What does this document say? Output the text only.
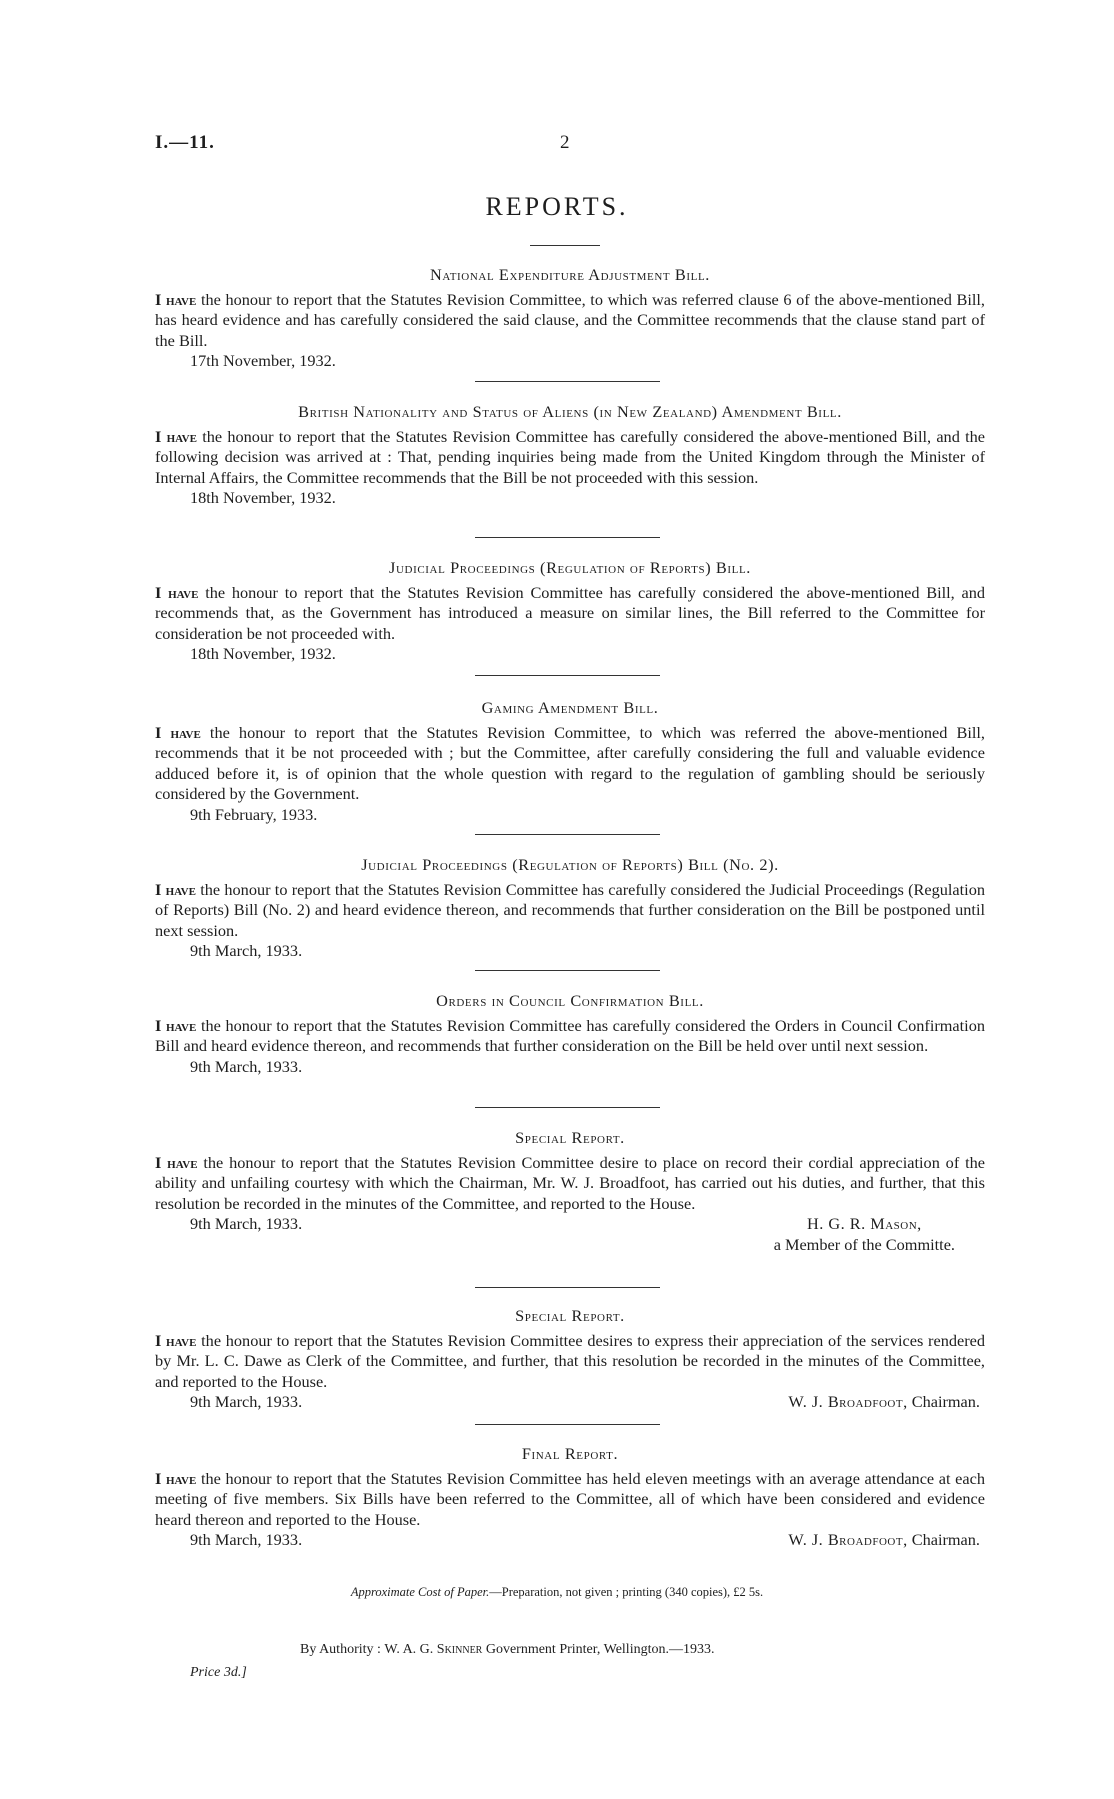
I.—11.	2
REPORTS.
National Expenditure Adjustment Bill.
I have the honour to report that the Statutes Revision Committee, to which was referred clause 6 of the above-mentioned Bill, has heard evidence and has carefully considered the said clause, and the Committee recommends that the clause stand part of the Bill.
17th November, 1932.
British Nationality and Status of Aliens (in New Zealand) Amendment Bill.
I have the honour to report that the Statutes Revision Committee has carefully considered the above-mentioned Bill, and the following decision was arrived at : That, pending inquiries being made from the United Kingdom through the Minister of Internal Affairs, the Committee recommends that the Bill be not proceeded with this session.
18th November, 1932.
Judicial Proceedings (Regulation of Reports) Bill.
I have the honour to report that the Statutes Revision Committee has carefully considered the above-mentioned Bill, and recommends that, as the Government has introduced a measure on similar lines, the Bill referred to the Committee for consideration be not proceeded with.
18th November, 1932.
Gaming Amendment Bill.
I have the honour to report that the Statutes Revision Committee, to which was referred the above-mentioned Bill, recommends that it be not proceeded with ; but the Committee, after carefully considering the full and valuable evidence adduced before it, is of opinion that the whole question with regard to the regulation of gambling should be seriously considered by the Government.
9th February, 1933.
Judicial Proceedings (Regulation of Reports) Bill (No. 2).
I have the honour to report that the Statutes Revision Committee has carefully considered the Judicial Proceedings (Regulation of Reports) Bill (No. 2) and heard evidence thereon, and recommends that further consideration on the Bill be postponed until next session.
9th March, 1933.
Orders in Council Confirmation Bill.
I have the honour to report that the Statutes Revision Committee has carefully considered the Orders in Council Confirmation Bill and heard evidence thereon, and recommends that further consideration on the Bill be held over until next session.
9th March, 1933.
Special Report.
I have the honour to report that the Statutes Revision Committee desire to place on record their cordial appreciation of the ability and unfailing courtesy with which the Chairman, Mr. W. J. Broadfoot, has carried out his duties, and further, that this resolution be recorded in the minutes of the Committee, and reported to the House.
9th March, 1933.	H. G. R. Mason,
a Member of the Committe.
Special Report.
I have the honour to report that the Statutes Revision Committee desires to express their appreciation of the services rendered by Mr. L. C. Dawe as Clerk of the Committee, and further, that this resolution be recorded in the minutes of the Committee, and reported to the House.
9th March, 1933.	W. J. Broadfoot, Chairman.
Final Report.
I have the honour to report that the Statutes Revision Committee has held eleven meetings with an average attendance at each meeting of five members. Six Bills have been referred to the Committee, all of which have been considered and evidence heard thereon and reported to the House.
9th March, 1933.	W. J. Broadfoot, Chairman.
Approximate Cost of Paper.—Preparation, not given ; printing (340 copies), £2 5s.
By Authority : W. A. G. Skinner Government Printer, Wellington.—1933.
Price 3d.]
